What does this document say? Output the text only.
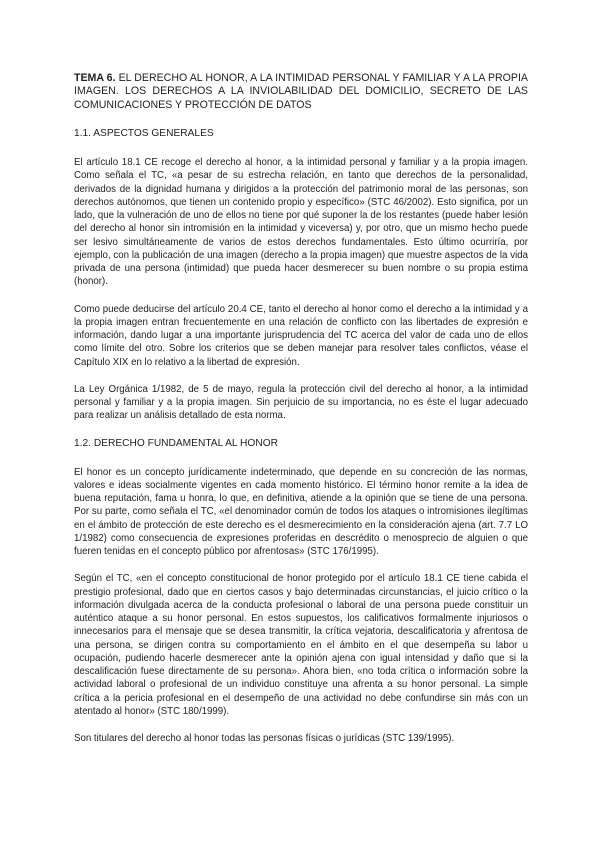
TEMA 6. EL DERECHO AL HONOR, A LA INTIMIDAD PERSONAL Y FAMILIAR Y A LA PROPIA IMAGEN. LOS DERECHOS A LA INVIOLABILIDAD DEL DOMICILIO, SECRETO DE LAS COMUNICACIONES Y PROTECCIÓN DE DATOS

1.1. ASPECTOS GENERALES

El artículo 18.1 CE recoge el derecho al honor, a la intimidad personal y familiar y a la propia imagen. Como señala el TC, «a pesar de su estrecha relación, en tanto que derechos de la personalidad, derivados de la dignidad humana y dirigidos a la protección del patrimonio moral de las personas, son derechos autónomos, que tienen un contenido propio y específico» (STC 46/2002). Esto significa, por un lado, que la vulneración de uno de ellos no tiene por qué suponer la de los restantes (puede haber lesión del derecho al honor sin intromisión en la intimidad y viceversa) y, por otro, que un mismo hecho puede ser lesivo simultáneamente de varios de estos derechos fundamentales. Esto último ocurriría, por ejemplo, con la publicación de una imagen (derecho a la propia imagen) que muestre aspectos de la vida privada de una persona (intimidad) que pueda hacer desmerecer su buen nombre o su propia estima (honor).

Como puede deducirse del artículo 20.4 CE, tanto el derecho al honor como el derecho a la intimidad y a la propia imagen entran frecuentemente en una relación de conflicto con las libertades de expresión e información, dando lugar a una importante jurisprudencia del TC acerca del valor de cada uno de ellos como límite del otro. Sobre los criterios que se deben manejar para resolver tales conflictos, véase el Capítulo XIX en lo relativo a la libertad de expresión.

La Ley Orgánica 1/1982, de 5 de mayo, regula la protección civil del derecho al honor, a la intimidad personal y familiar y a la propia imagen. Sin perjuicio de su importancia, no es éste el lugar adecuado para realizar un análisis detallado de esta norma.

1.2. DERECHO FUNDAMENTAL AL HONOR

El honor es un concepto jurídicamente indeterminado, que depende en su concreción de las normas, valores e ideas socialmente vigentes en cada momento histórico. El término honor remite a la idea de buena reputación, fama u honra, lo que, en definitiva, atiende a la opinión que se tiene de una persona. Por su parte, como señala el TC, «el denominador común de todos los ataques o intromisiones ilegítimas en el ámbito de protección de este derecho es el desmerecimiento en la consideración ajena (art. 7.7 LO 1/1982) como consecuencia de expresiones proferidas en descrédito o menosprecio de alguien o que fueren tenidas en el concepto público por afrentosas» (STC 176/1995).

Según el TC, «en el concepto constitucional de honor protegido por el artículo 18.1 CE tiene cabida el prestigio profesional, dado que en ciertos casos y bajo determinadas circunstancias, el juicio crítico o la información divulgada acerca de la conducta profesional o laboral de una persona puede constituir un auténtico ataque a su honor personal. En estos supuestos, los calificativos formalmente injuriosos o innecesarios para el mensaje que se desea transmitir, la crítica vejatoria, descalificatoria y afrentosa de una persona, se dirigen contra su comportamiento en el ámbito en el que desempeña su labor u ocupación, pudiendo hacerle desmerecer ante la opinión ajena con igual intensidad y daño que si la descalificación fuese directamente de su persona». Ahora bien, «no toda crítica o información sobre la actividad laboral o profesional de un individuo constituye una afrenta a su honor personal. La simple crítica a la pericia profesional en el desempeño de una actividad no debe confundirse sin más con un atentado al honor» (STC 180/1999).

Son titulares del derecho al honor todas las personas físicas o jurídicas (STC 139/1995).
